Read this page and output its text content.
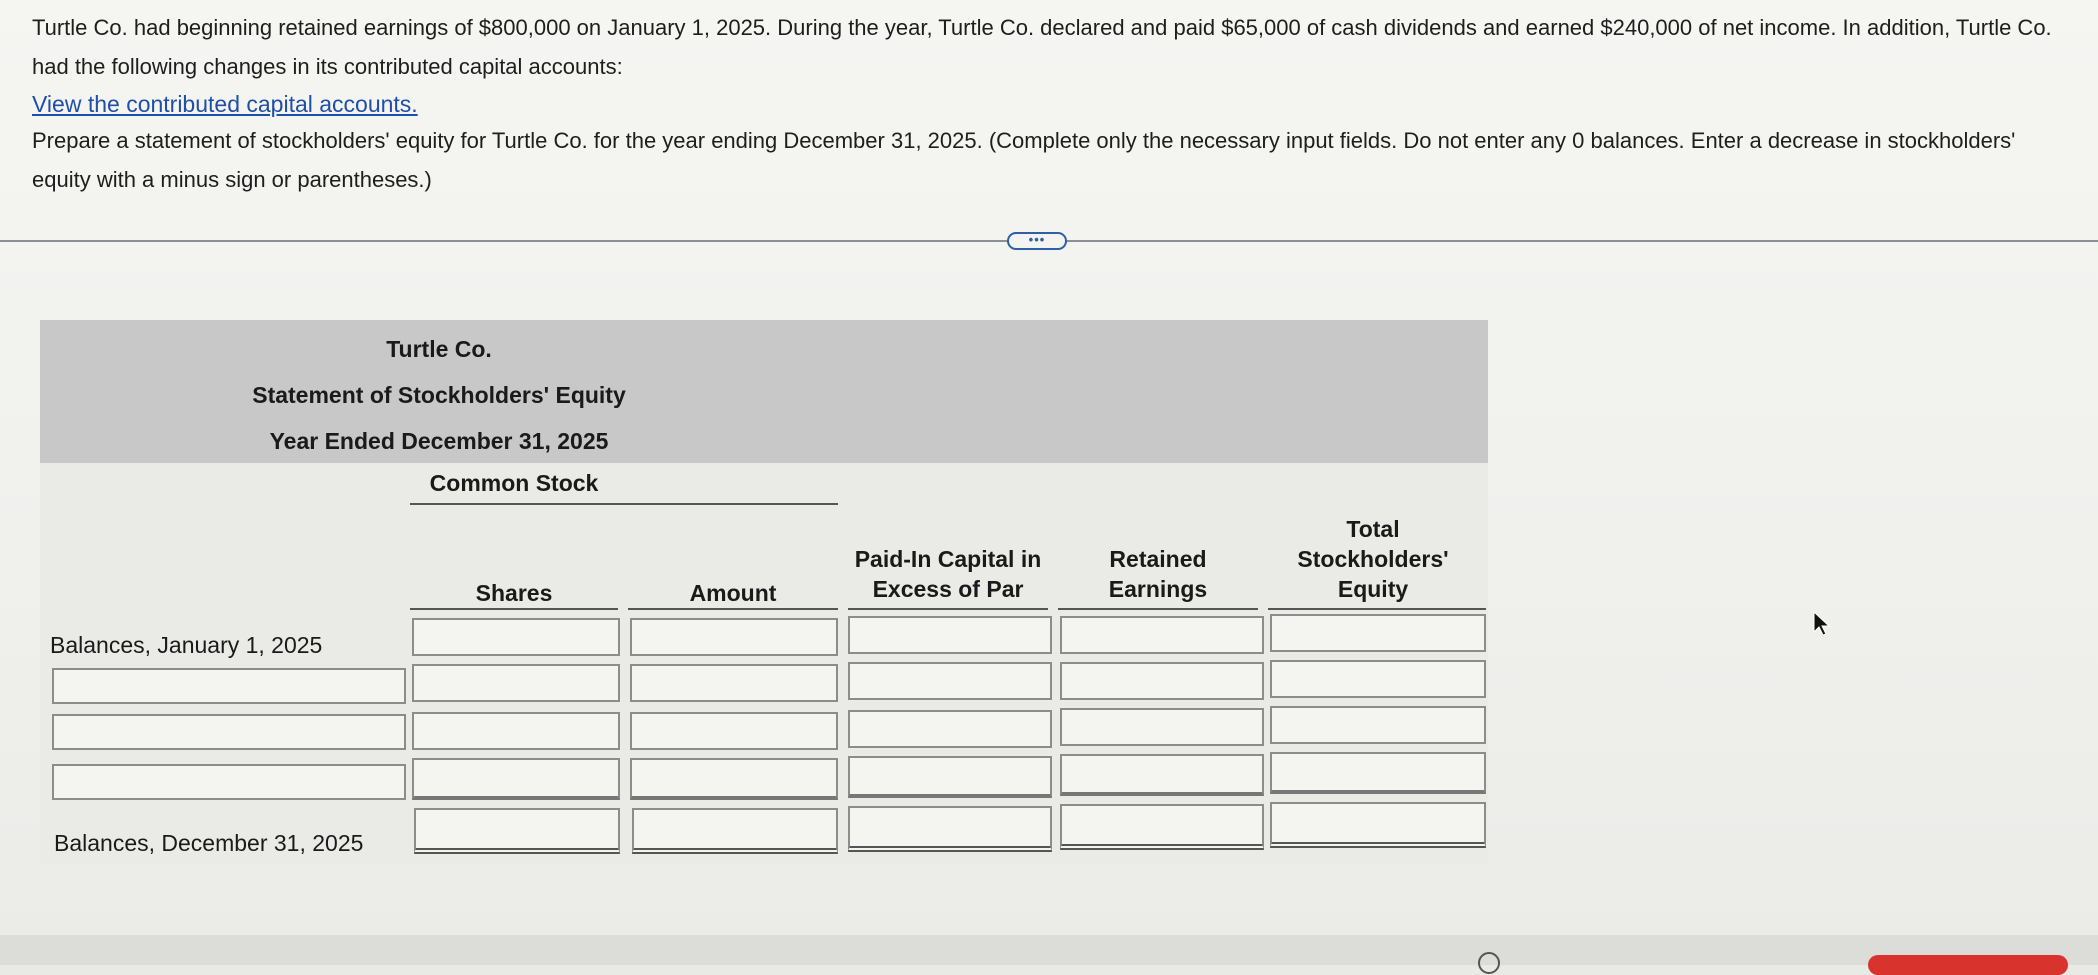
Turtle Co. had beginning retained earnings of $800,000 on January 1, 2025. During the year, Turtle Co. declared and paid $65,000 of cash dividends and earned $240,000 of net income. In addition, Turtle Co. had the following changes in its contributed capital accounts:

View the contributed capital accounts.

Prepare a statement of stockholders' equity for Turtle Co. for the year ending December 31, 2025. (Complete only the necessary input fields. Do not enter any 0 balances. Enter a decrease in stockholders' equity with a minus sign or parentheses.)

•••
Turtle Co.
Statement of Stockholders' Equity
Year Ended December 31, 2025
Common Stock
Shares	Amount
Paid-In Capital in Excess of Par
Retained Earnings
Total Stockholders' Equity
Balances, January 1, 2025
Balances, December 31, 2025
